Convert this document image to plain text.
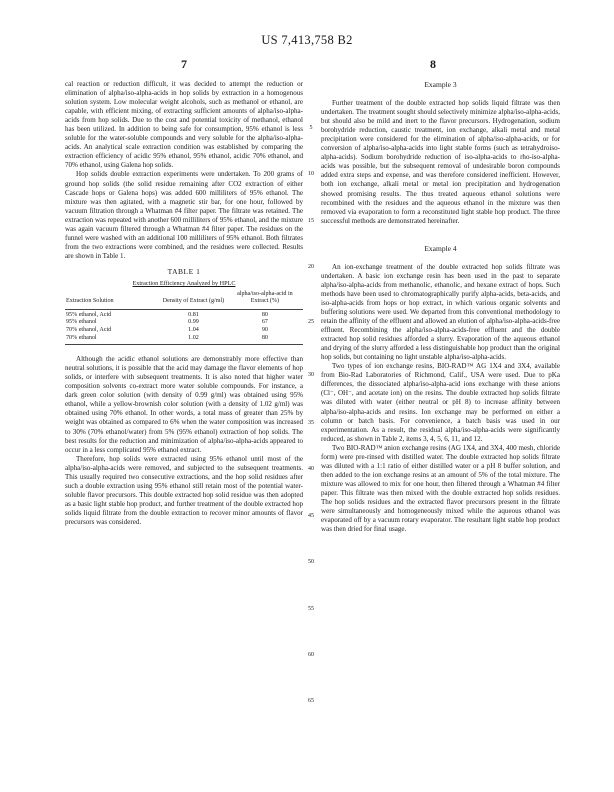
US 7,413,758 B2
7	8

cal reaction or reduction difficult, it was decided to attempt the reduction or elimination of alpha/iso-alpha-acids in hop solids by extraction in a homogenous solution system. Low molecular weight alcohols, such as methanol or ethanol, are capable, with efficient mixing, of extracting sufficient amounts of alpha/iso-alpha-acids from hop solids. Due to the cost and potential toxicity of methanol, ethanol has been utilized. In addition to being safe for consumption, 95% ethanol is less soluble for the water-soluble compounds and very soluble for the alpha/iso-alpha-acids. An analytical scale extraction condition was established by comparing the extraction efficiency of acidic 95% ethanol, 95% ethanol, acidic 70% ethanol, and 70% ethanol, using Galena hop solids.

Hop solids double extraction experiments were undertaken. To 200 grams of ground hop solids (the solid residue remaining after CO2 extraction of either Cascade hops or Galena hops) was added 600 milliliters of 95% ethanol. The mixture was then agitated, with a magnetic stir bar, for one hour, followed by vacuum filtration through a Whatman #4 filter paper. The filtrate was retained. The extraction was repeated with another 600 milliliters of 95% ethanol, and the mixture was again vacuum filtered through a Whatman #4 filter paper. The residues on the funnel were washed with an additional 100 milliliters of 95% ethanol. Both filtrates from the two extractions were combined, and the residues were collected. Results are shown in Table 1.

TABLE 1
Extraction Efficiency Analyzed by HPLC
Extraction Solution	Density of Extract (g/ml)	alpha/iso-alpha-acid in Extract (%)
95% ethanol, Acid	0.81	80
95% ethanol	0.99	67
70% ethanol, Acid	1.04	90
70% ethanol	1.02	80

Although the acidic ethanol solutions are demonstrably more effective than neutral solutions, it is possible that the acid may damage the flavor elements of hop solids, or interfere with subsequent treatments. It is also noted that higher water composition solvents co-extract more water soluble compounds. For instance, a dark green color solution (with density of 0.99 g/ml) was obtained using 95% ethanol, while a yellow-brownish color solution (with a density of 1.02 g/ml) was obtained using 70% ethanol. In other words, a total mass of greater than 25% by weight was obtained as compared to 6% when the water composition was increased to 30% (70% ethanol/water) from 5% (95% ethanol) extraction of hop solids. The best results for the reduction and minimization of alpha/iso-alpha-acids appeared to occur in a less complicated 95% ethanol extract.

Therefore, hop solids were extracted using 95% ethanol until most of the alpha/iso-alpha-acids were removed, and subjected to the subsequent treatments. This usually required two consecutive extractions, and the hop solid residues after such a double extraction using 95% ethanol still retain most of the potential water-soluble flavor precursors. This double extracted hop solid residue was then adopted as a basic light stable hop product, and further treatment of the double extracted hop solids liquid filtrate from the double extraction to recover minor amounts of flavor precursors was considered.

Example 3

Further treatment of the double extracted hop solids liquid filtrate was then undertaken. The treatment sought should selectively minimize alpha/iso-alpha-acids, but should also be mild and inert to the flavor precursors. Hydrogenation, sodium borohydride reduction, caustic treatment, ion exchange, alkali metal and metal precipitation were considered for the elimination of alpha/iso-alpha-acids, or for conversion of alpha/iso-alpha-acids into light stable forms (such as tetrahydroiso-alpha-acids). Sodium borohydride reduction of iso-alpha-acids to rho-iso-alpha-acids was possible, but the subsequent removal of undesirable boron compounds added extra steps and expense, and was therefore considered inefficient. However, both ion exchange, alkali metal or metal ion precipitation and hydrogenation showed promising results. The thus treated aqueous ethanol solutions were recombined with the residues and the aqueous ethanol in the mixture was then removed via evaporation to form a reconstituted light stable hop product. The three successful methods are demonstrated hereinafter.

Example 4

An ion-exchange treatment of the double extracted hop solids filtrate was undertaken. A basic ion exchange resin has been used in the past to separate alpha/iso-alpha-acids from methanolic, ethanolic, and hexane extract of hops. Such methods have been used to chromatographically purify alpha-acids, beta-acids, and iso-alpha-acids from hops or hop extract, in which various organic solvents and buffering solutions were used. We departed from this conventional methodology to retain the affinity of the effluent and allowed an elution of alpha/iso-alpha-acids-free effluent. Recombining the alpha/iso-alpha-acids-free effluent and the double extracted hop solid residues afforded a slurry. Evaporation of the aqueous ethanol and drying of the slurry afforded a less distinguishable hop product than the original hop solids, but containing no light unstable alpha/iso-alpha-acids.

Two types of ion exchange resins, BIO-RAD™ AG 1X4 and 3X4, available from Bio-Rad Laboratories of Richmond, Calif., USA were used. Due to pKa differences, the dissociated alpha/iso-alpha-acid ions exchange with these anions (Cl⁻, OH⁻, and acetate ion) on the resins. The double extracted hop solids filtrate was diluted with water (either neutral or pH 8) to increase affinity between alpha/iso-alpha-acids and resins. Ion exchange may be performed on either a column or batch basis. For convenience, a batch basis was used in our experimentation. As a result, the residual alpha/iso-alpha-acids were significantly reduced, as shown in Table 2, items 3, 4, 5, 6, 11, and 12.

Two BIO-RAD™ anion exchange resins (AG 1X4, and 3X4, 400 mesh, chloride form) were pre-rinsed with distilled water. The double extracted hop solids filtrate was diluted with a 1:1 ratio of either distilled water or a pH 8 buffer solution, and then added to the ion exchange resins at an amount of 5% of the total mixture. The mixture was allowed to mix for one hour, then filtered through a Whatman #4 filter paper. This filtrate was then mixed with the double extracted hop solids residues. The hop solids residues and the extracted flavor precursors present in the filtrate were simultaneously and homogeneously mixed while the aqueous ethanol was evaporated off by a vacuum rotary evaporator. The resultant light stable hop product was then dried for final usage.

5
10
15
20
25
30
35
40
45
50
55
60
65
